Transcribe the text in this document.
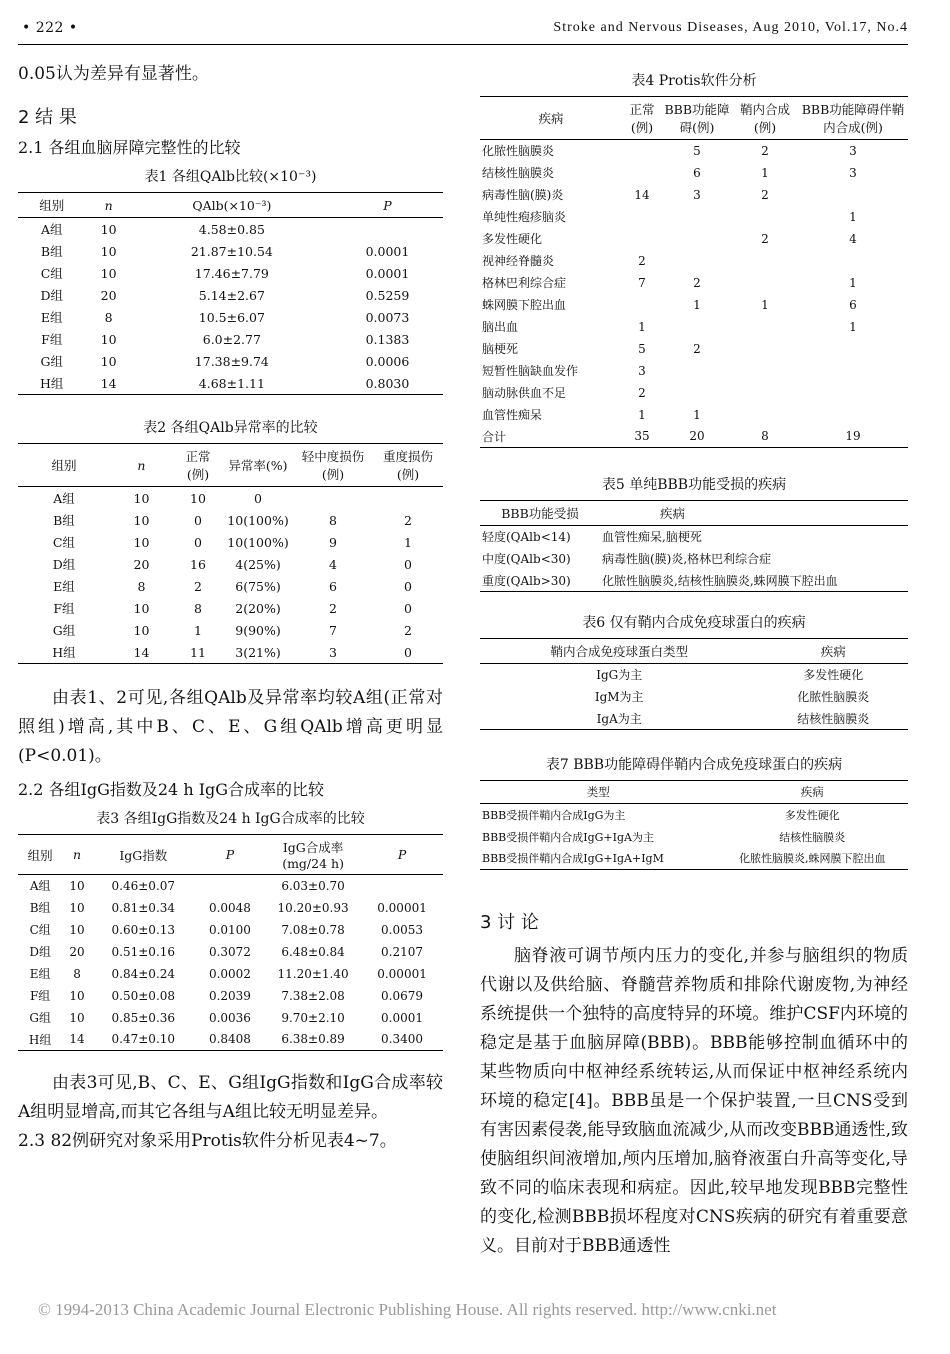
• 222 •	Stroke and Nervous Diseases, Aug 2010, Vol.17, No.4

0.05认为差异有显著性。

2 结 果
2.1 各组血脑屏障完整性的比较
表1 各组QAlb比较(×10⁻³)
组别	n	QAlb(×10⁻³)	P
A组	10	4.58±0.85	
B组	10	21.87±10.54	0.0001
C组	10	17.46±7.79	0.0001
D组	20	5.14±2.67	0.5259
E组	8	10.5±6.07	0.0073
F组	10	6.0±2.77	0.1383
G组	10	17.38±9.74	0.0006
H组	14	4.68±1.11	0.8030
表2 各组QAlb异常率的比较
组别	n	正常(例)	异常率(%)	轻中度损伤(例)	重度损伤(例)
A组	10	10	0		
B组	10	0	10(100%)	8	2
C组	10	0	10(100%)	9	1
D组	20	16	4(25%)	4	0
E组	8	2	6(75%)	6	0
F组	10	8	2(20%)	2	0
G组	10	1	9(90%)	7	2
H组	14	11	3(21%)	3	0

由表1、2可见,各组QAlb及异常率均较A组(正常对照组)增高,其中B、C、E、G组QAlb增高更明显(P<0.01)。

2.2 各组IgG指数及24 h IgG合成率的比较
表3 各组IgG指数及24 h IgG合成率的比较
组别	n	IgG指数	P	IgG合成率(mg/24 h)	P
A组	10	0.46±0.07		6.03±0.70	
B组	10	0.81±0.34	0.0048	10.20±0.93	0.00001
C组	10	0.60±0.13	0.0100	7.08±0.78	0.0053
D组	20	0.51±0.16	0.3072	6.48±0.84	0.2107
E组	8	0.84±0.24	0.0002	11.20±1.40	0.00001
F组	10	0.50±0.08	0.2039	7.38±2.08	0.0679
G组	10	0.85±0.36	0.0036	9.70±2.10	0.0001
H组	14	0.47±0.10	0.8408	6.38±0.89	0.3400

由表3可见,B、C、E、G组IgG指数和IgG合成率较A组明显增高,而其它各组与A组比较无明显差异。

2.3 82例研究对象采用Protis软件分析见表4~7。

表4 Protis软件分析
疾病	正常(例)	BBB功能障碍(例)	鞘内合成(例)	BBB功能障碍伴鞘内合成(例)
化脓性脑膜炎		5	2	3
结核性脑膜炎		6	1	3
病毒性脑(膜)炎	14	3	2	
单纯性疱疹脑炎				1
多发性硬化			2	4
视神经脊髓炎	2			
格林巴利综合症	7	2		1
蛛网膜下腔出血		1	1	6
脑出血	1			1
脑梗死	5	2		
短暂性脑缺血发作	3			
脑动脉供血不足	2			
血管性痴呆	1	1		
合计	35	20	8	19
表5 单纯BBB功能受损的疾病
BBB功能受损	疾病
轻度(QAlb<14)	血管性痴呆,脑梗死
中度(QAlb<30)	病毒性脑(膜)炎,格林巴利综合症
重度(QAlb>30)	化脓性脑膜炎,结核性脑膜炎,蛛网膜下腔出血
表6 仅有鞘内合成免疫球蛋白的疾病
鞘内合成免疫球蛋白类型	疾病
IgG为主	多发性硬化
IgM为主	化脓性脑膜炎
IgA为主	结核性脑膜炎
表7 BBB功能障碍伴鞘内合成免疫球蛋白的疾病
类型	疾病
BBB受损伴鞘内合成IgG为主	多发性硬化
BBB受损伴鞘内合成IgG+IgA为主	结核性脑膜炎
BBB受损伴鞘内合成IgG+IgA+IgM	化脓性脑膜炎,蛛网膜下腔出血
3 讨 论

脑脊液可调节颅内压力的变化,并参与脑组织的物质代谢以及供给脑、脊髓营养物质和排除代谢废物,为神经系统提供一个独特的高度特异的环境。维护CSF内环境的稳定是基于血脑屏障(BBB)。BBB能够控制血循环中的某些物质向中枢神经系统转运,从而保证中枢神经系统内环境的稳定[4]。BBB虽是一个保护装置,一旦CNS受到有害因素侵袭,能导致脑血流减少,从而改变BBB通透性,致使脑组织间液增加,颅内压增加,脑脊液蛋白升高等变化,导致不同的临床表现和病症。因此,较早地发现BBB完整性的变化,检测BBB损坏程度对CNS疾病的研究有着重要意义。目前对于BBB通透性

© 1994-2013 China Academic Journal Electronic Publishing House. All rights reserved. http://www.cnki.net
